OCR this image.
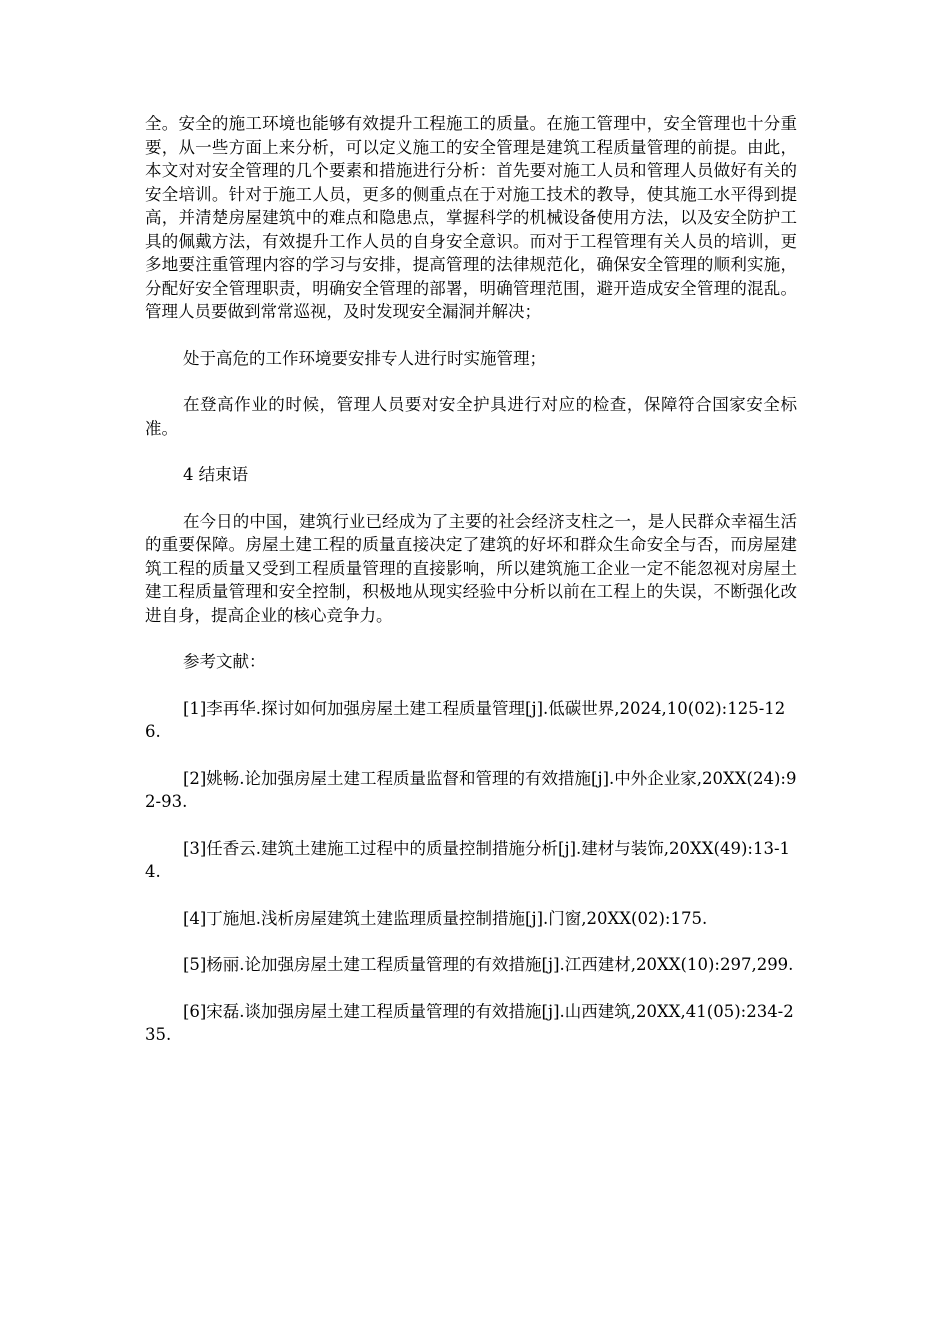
全。安全的施工环境也能够有效提升工程施工的质量。在施工管理中，安全管理也十分重要，从一些方面上来分析，可以定义施工的安全管理是建筑工程质量管理的前提。由此，本文对对安全管理的几个要素和措施进行分析：首先要对施工人员和管理人员做好有关的安全培训。针对于施工人员，更多的侧重点在于对施工技术的教导，使其施工水平得到提高，并清楚房屋建筑中的难点和隐患点，掌握科学的机械设备使用方法，以及安全防护工具的佩戴方法，有效提升工作人员的自身安全意识。而对于工程管理有关人员的培训，更多地要注重管理内容的学习与安排，提高管理的法律规范化，确保安全管理的顺利实施，分配好安全管理职责，明确安全管理的部署，明确管理范围，避开造成安全管理的混乱。管理人员要做到常常巡视，及时发现安全漏洞并解决；

处于高危的工作环境要安排专人进行时实施管理；

在登高作业的时候，管理人员要对安全护具进行对应的检查，保障符合国家安全标准。

4 结束语

在今日的中国，建筑行业已经成为了主要的社会经济支柱之一，是人民群众幸福生活的重要保障。房屋土建工程的质量直接决定了建筑的好坏和群众生命安全与否，而房屋建筑工程的质量又受到工程质量管理的直接影响，所以建筑施工企业一定不能忽视对房屋土建工程质量管理和安全控制，积极地从现实经验中分析以前在工程上的失误，不断强化改进自身，提高企业的核心竞争力。

参考文献：

[1]李再华.探讨如何加强房屋土建工程质量管理[j].低碳世界,2024,10(02):125-126.

[2]姚畅.论加强房屋土建工程质量监督和管理的有效措施[j].中外企业家,20XX(24):92-93.

[3]任香云.建筑土建施工过程中的质量控制措施分析[j].建材与装饰,20XX(49):13-14.

[4]丁施旭.浅析房屋建筑土建监理质量控制措施[j].门窗,20XX(02):175.

[5]杨丽.论加强房屋土建工程质量管理的有效措施[j].江西建材,20XX(10):297,299.

[6]宋磊.谈加强房屋土建工程质量管理的有效措施[j].山西建筑,20XX,41(05):234-235.
